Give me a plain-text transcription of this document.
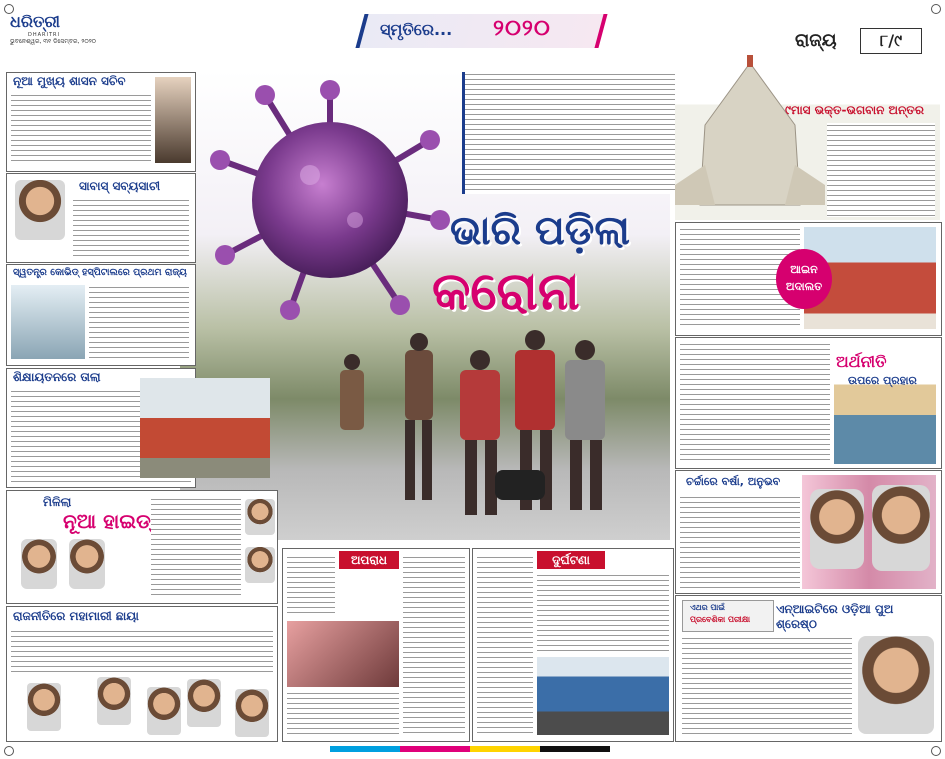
ଧରିତ୍ରୀ
DHARITRI
ଭୁବନେଶ୍ୱର, ୩୧ ଡିସେମ୍ବର, ୨୦୨୦
ସ୍ମୃତିରେ... ୨୦୨୦	ରାଜ୍ୟ	୮/୯
ଭାରି ପଡ଼ିଲା
କରୋନା
ନୂଆ ମୁଖ୍ୟ ଶାସନ ସଚିବ
ସାବାସ୍ ସବ୍ୟସାଚୀ
ସ୍ୱତନ୍ତ୍ର କୋଭିଡ୍ ହସ୍ପିଟାଲରେ ପ୍ରଥମ ରାଜ୍ୟ
ଶିକ୍ଷାୟତନରେ ତାଲା
ମିଳିଲା
ନୂଆ ହାଇଡ୍
ରାଜନୀତିରେ ମହାମାରୀ ଛାୟା
୯ମାସ ଭକ୍ତ-ଭଗବାନ ଅନ୍ତର
ଆଇନ ଅଦାଲତ
ଅର୍ଥନୀତି
ଉପରେ ପ୍ରହାର
ଚର୍ଚ୍ଚାରେ ବର୍ଷା, ଅନୁଭବ
ଏଥର ପାଇଁ
ପ୍ରବେଶିକା ପରୀକ୍ଷା
ଏନ୍ଆଇଟିରେ ଓଡ଼ିଆ ପୁଅ ଶ୍ରେଷ୍ଠ
ଅପରାଧ	ଦୁର୍ଘଟଣା
